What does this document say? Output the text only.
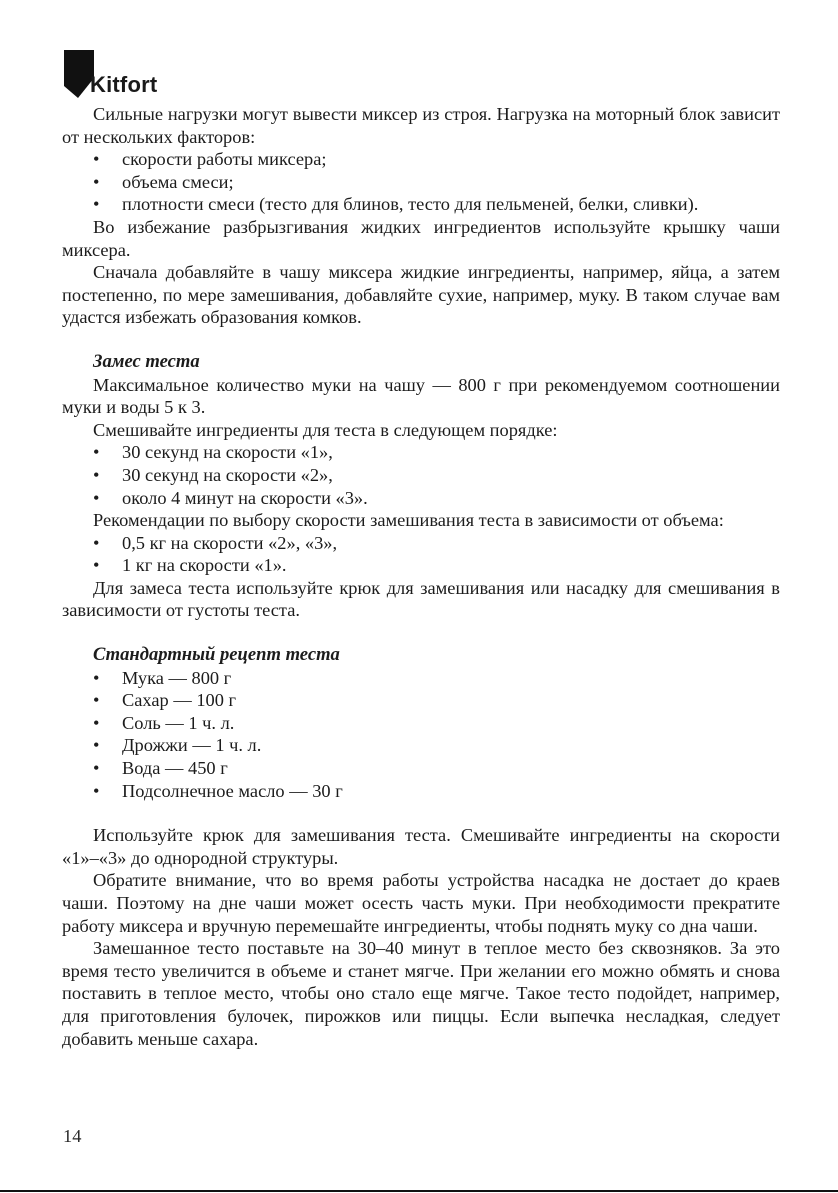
Kitfort

Сильные нагрузки могут вывести миксер из строя. Нагрузка на моторный блок зависит от нескольких факторов:

• скорости работы миксера;
• объема смеси;
• плотности смеси (тесто для блинов, тесто для пельменей, белки, сливки).

Во избежание разбрызгивания жидких ингредиентов используйте крышку чаши миксера.

Сначала добавляйте в чашу миксера жидкие ингредиенты, например, яйца, а затем постепенно, по мере замешивания, добавляйте сухие, например, муку. В таком случае вам удастся избежать образования комков.

Замес теста

Максимальное количество муки на чашу — 800 г при рекомендуемом соотношении муки и воды 5 к 3.

Смешивайте ингредиенты для теста в следующем порядке:

• 30 секунд на скорости «1»,
• 30 секунд на скорости «2»,
• около 4 минут на скорости «3».

Рекомендации по выбору скорости замешивания теста в зависимости от объема:

• 0,5 кг на скорости «2», «3»,
• 1 кг на скорости «1».

Для замеса теста используйте крюк для замешивания или насадку для смешивания в зависимости от густоты теста.

Стандартный рецепт теста

• Мука — 800 г
• Сахар — 100 г
• Соль — 1 ч. л.
• Дрожжи — 1 ч. л.
• Вода — 450 г
• Подсолнечное масло — 30 г

Используйте крюк для замешивания теста. Смешивайте ингредиенты на скорости «1»–«3» до однородной структуры.

Обратите внимание, что во время работы устройства насадка не достает до краев чаши. Поэтому на дне чаши может осесть часть муки. При необходимости прекратите работу миксера и вручную перемешайте ингредиенты, чтобы поднять муку со дна чаши.

Замешанное тесто поставьте на 30–40 минут в теплое место без сквозняков. За это время тесто увеличится в объеме и станет мягче. При желании его можно обмять и снова поставить в теплое место, чтобы оно стало еще мягче. Такое тесто подойдет, например, для приготовления булочек, пирожков или пиццы. Если выпечка несладкая, следует добавить меньше сахара.

14
